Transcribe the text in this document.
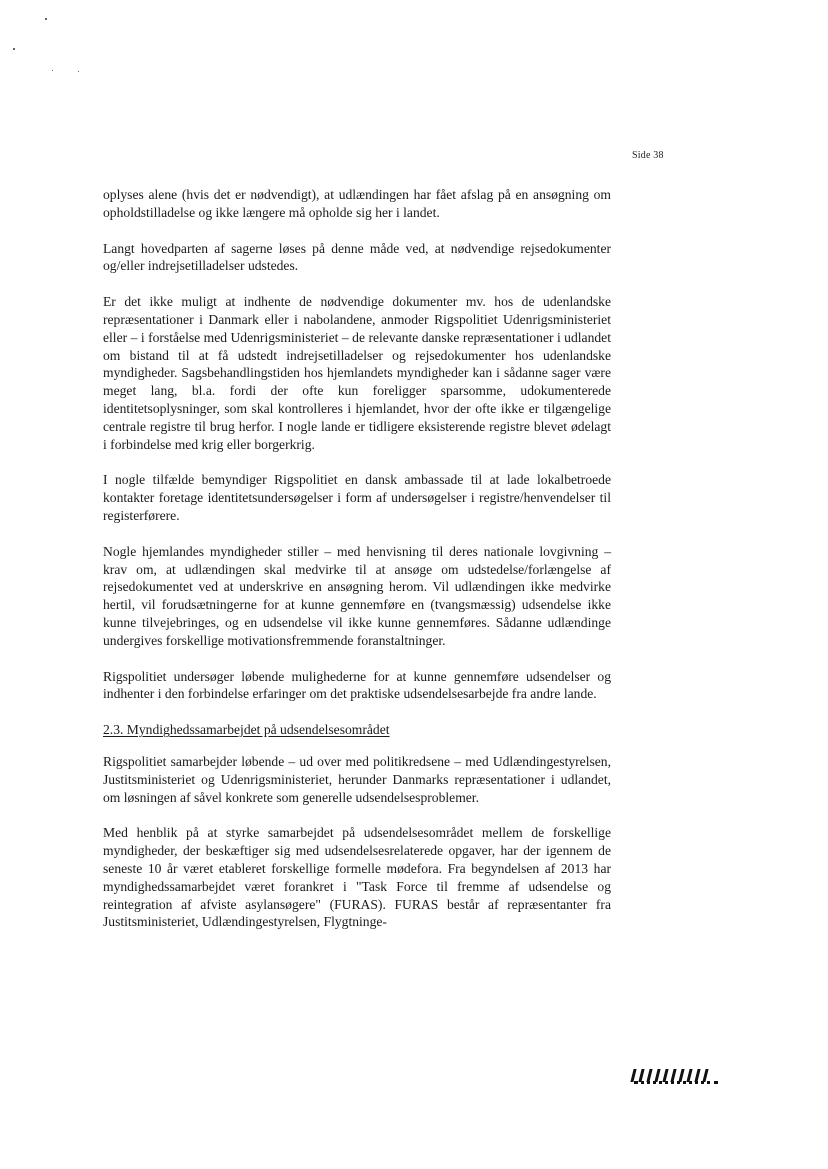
Side 38

oplyses alene (hvis det er nødvendigt), at udlændingen har fået afslag på en ansøgning om opholdstilladelse og ikke længere må opholde sig her i landet.

Langt hovedparten af sagerne løses på denne måde ved, at nødvendige rejsedokumenter og/eller indrejsetilladelser udstedes.

Er det ikke muligt at indhente de nødvendige dokumenter mv. hos de udenlandske repræsentationer i Danmark eller i nabolandene, anmoder Rigspolitiet Udenrigsministeriet eller – i forståelse med Udenrigsministeriet – de relevante danske repræsentationer i udlandet om bistand til at få udstedt indrejsetilladelser og rejsedokumenter hos udenlandske myndigheder. Sagsbehandlingstiden hos hjemlandets myndigheder kan i sådanne sager være meget lang, bl.a. fordi der ofte kun foreligger sparsomme, udokumenterede identitetsoplysninger, som skal kontrolleres i hjemlandet, hvor der ofte ikke er tilgængelige centrale registre til brug herfor. I nogle lande er tidligere eksisterende registre blevet ødelagt i forbindelse med krig eller borgerkrig.

I nogle tilfælde bemyndiger Rigspolitiet en dansk ambassade til at lade lokalbetroede kontakter foretage identitetsundersøgelser i form af undersøgelser i registre/henvendelser til registerførere.

Nogle hjemlandes myndigheder stiller – med henvisning til deres nationale lovgivning – krav om, at udlændingen skal medvirke til at ansøge om udstedelse/forlængelse af rejsedokumentet ved at underskrive en ansøgning herom. Vil udlændingen ikke medvirke hertil, vil forudsætningerne for at kunne gennemføre en (tvangsmæssig) udsendelse ikke kunne tilvejebringes, og en udsendelse vil ikke kunne gennemføres. Sådanne udlændinge undergives forskellige motivationsfremmende foranstaltninger.

Rigspolitiet undersøger løbende mulighederne for at kunne gennemføre udsendelser og indhenter i den forbindelse erfaringer om det praktiske udsendelsesarbejde fra andre lande.

2.3. Myndighedssamarbejdet på udsendelsesområdet

Rigspolitiet samarbejder løbende – ud over med politikredsene – med Udlændingestyrelsen, Justitsministeriet og Udenrigsministeriet, herunder Danmarks repræsentationer i udlandet, om løsningen af såvel konkrete som generelle udsendelsesproblemer.

Med henblik på at styrke samarbejdet på udsendelsesområdet mellem de forskellige myndigheder, der beskæftiger sig med udsendelsesrelaterede opgaver, har der igennem de seneste 10 år været etableret forskellige formelle mødefora. Fra begyndelsen af 2013 har myndighedssamarbejdet været forankret i "Task Force til fremme af udsendelse og reintegration af afviste asylansøgere" (FURAS). FURAS består af repræsentanter fra Justitsministeriet, Udlændingestyrelsen, Flygtninge-
